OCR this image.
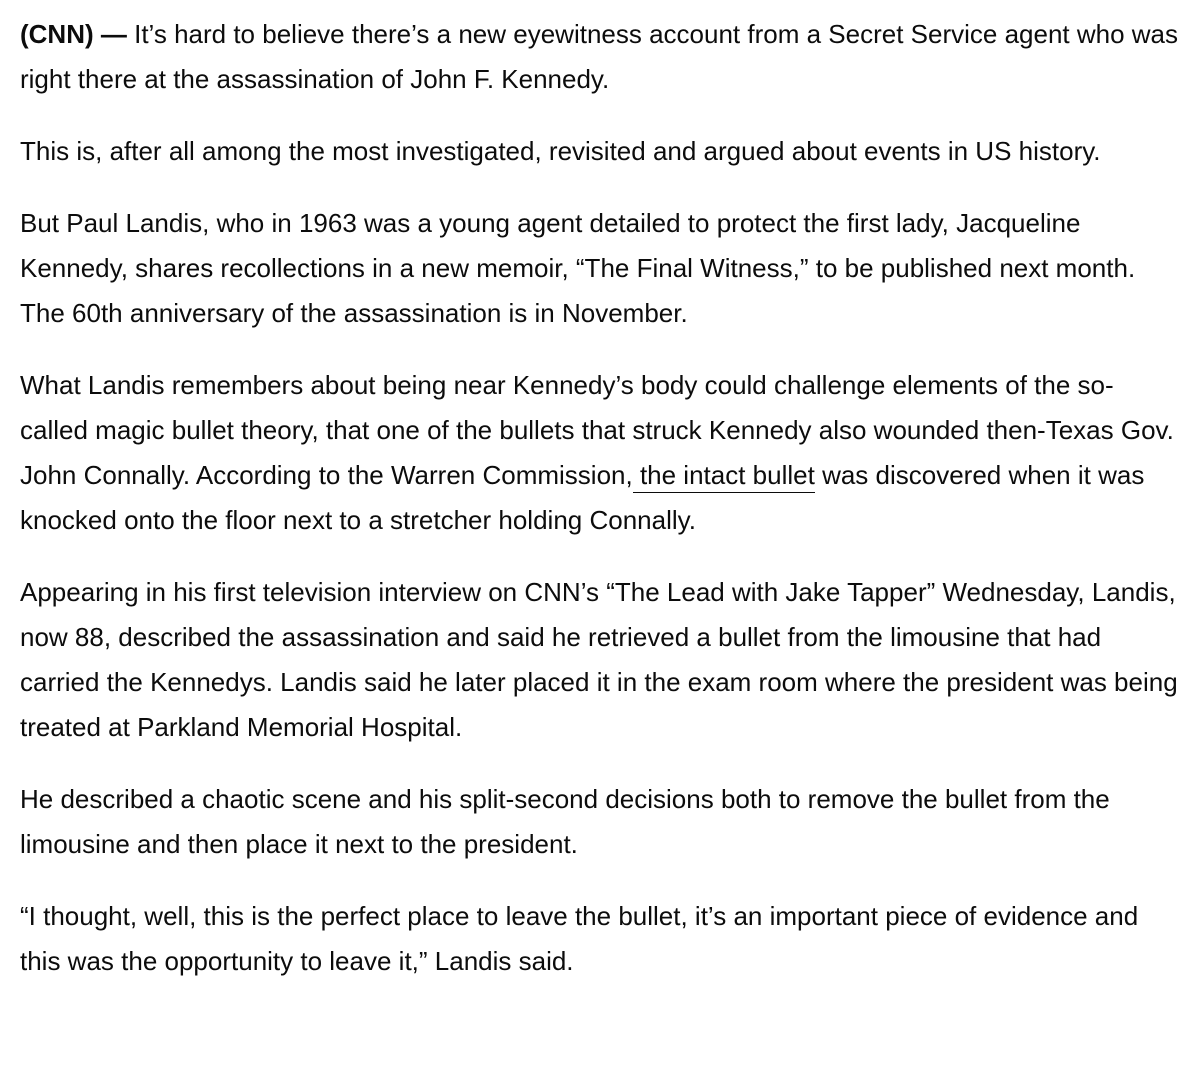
(CNN) — It’s hard to believe there’s a new eyewitness account from a Secret Service agent who was right there at the assassination of John F. Kennedy.

This is, after all among the most investigated, revisited and argued about events in US history.

But Paul Landis, who in 1963 was a young agent detailed to protect the first lady, Jacqueline Kennedy, shares recollections in a new memoir, “The Final Witness,” to be published next month. The 60th anniversary of the assassination is in November.

What Landis remembers about being near Kennedy’s body could challenge elements of the so-called magic bullet theory, that one of the bullets that struck Kennedy also wounded then-Texas Gov. John Connally. According to the Warren Commission, the intact bullet was discovered when it was knocked onto the floor next to a stretcher holding Connally.

Appearing in his first television interview on CNN’s “The Lead with Jake Tapper” Wednesday, Landis, now 88, described the assassination and said he retrieved a bullet from the limousine that had carried the Kennedys. Landis said he later placed it in the exam room where the president was being treated at Parkland Memorial Hospital.

He described a chaotic scene and his split-second decisions both to remove the bullet from the limousine and then place it next to the president.

“I thought, well, this is the perfect place to leave the bullet, it’s an important piece of evidence and this was the opportunity to leave it,” Landis said.
